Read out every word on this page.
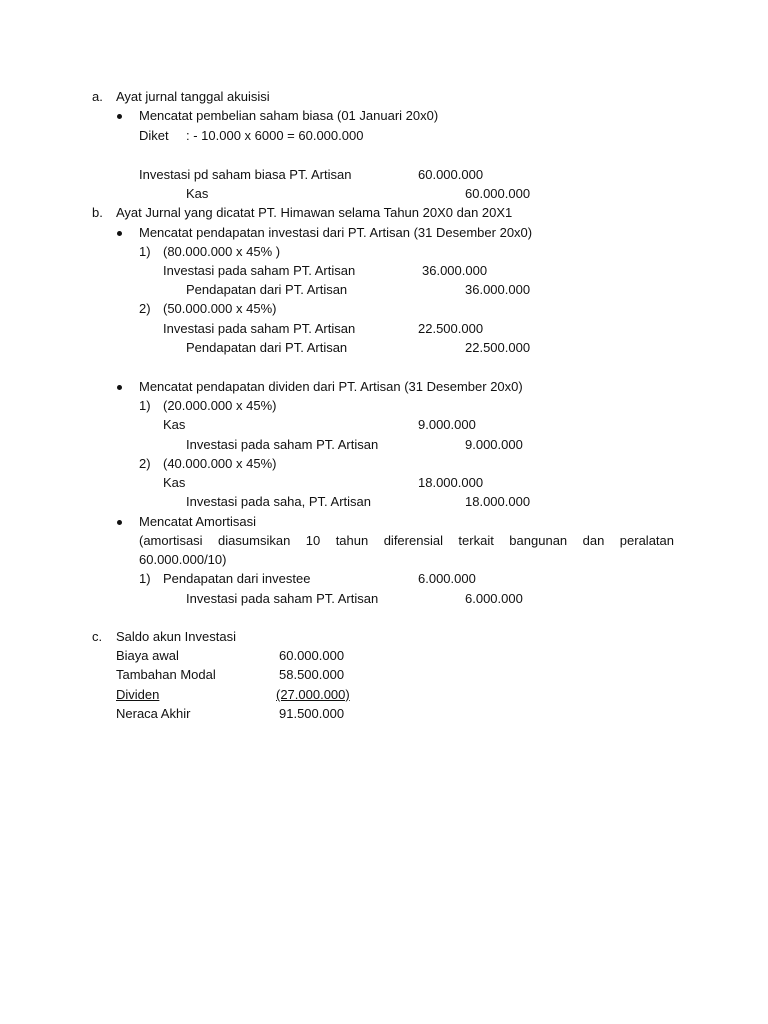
a. Ayat jurnal tanggal akuisisi
Mencatat pembelian saham biasa (01 Januari 20x0)
Diket : - 10.000 x 6000 = 60.000.000
Investasi pd saham biasa PT. Artisan	60.000.000
Kas	60.000.000
b. Ayat Jurnal yang dicatat PT. Himawan selama Tahun 20X0 dan 20X1
Mencatat pendapatan investasi dari PT. Artisan (31 Desember 20x0)
1) (80.000.000 x 45% )
Investasi pada saham PT. Artisan	36.000.000
Pendapatan dari PT. Artisan	36.000.000
2) (50.000.000 x 45%)
Investasi pada saham PT. Artisan	22.500.000
Pendapatan dari PT. Artisan	22.500.000
Mencatat pendapatan dividen dari PT. Artisan (31 Desember 20x0)
1) (20.000.000 x 45%)
Kas	9.000.000
Investasi pada saham PT. Artisan	9.000.000
2) (40.000.000 x 45%)
Kas	18.000.000
Investasi pada saha, PT. Artisan	18.000.000
Mencatat Amortisasi
(amortisasi diasumsikan 10 tahun diferensial terkait bangunan dan peralatan
60.000.000/10)
1) Pendapatan dari investee	6.000.000
Investasi pada saham PT. Artisan	6.000.000
c. Saldo akun Investasi
Biaya awal	60.000.000
Tambahan Modal	58.500.000
Dividen	(27.000.000)
Neraca Akhir	91.500.000
